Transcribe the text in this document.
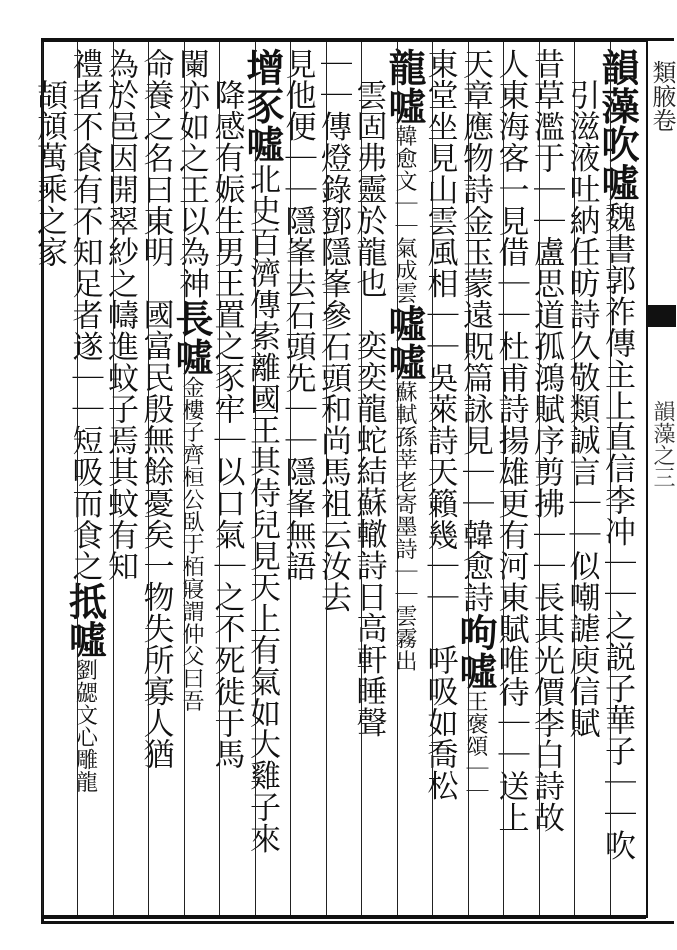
類腋卷
韻藻之三
韻藻吹噓魏書郭祚傳主上直信李冲｜｜之説子華子｜｜吹
　引滋液吐納任昉詩久敬類誠言｜｜似嘲謔庾信賦
昔草濫于｜｜盧思道孤鴻賦序剪拂｜｜長其光價李白詩故
人東海客一見借｜｜杜甫詩揚雄更有河東賦唯待｜｜送上
天章應物詩金玉蒙遠貺篇詠見｜｜韓愈詩呴噓王褒頌｜｜
東堂坐見山雲風相｜｜吳萊詩天籟幾｜｜　呼吸如喬松
龍噓韓愈文｜｜氣成雲噓噓蘇軾孫莘老寄墨詩｜｜雲霧出
　雲固弗靈於龍也　奕奕龍蛇結蘇轍詩日高軒睡聲
｜｜傳燈錄鄧隱峯參石頭和尚馬祖云汝去
見他便｜｜隱峯去石頭先｜｜隱峯無語
增豕噓北史百濟傳索離國王其侍兒見天上有氣如大雞子來
　降感有娠生男王置之豕牢｜以口氣｜之不死徙于馬
闌亦如之王以為神長噓金樓子齊桓公臥于栢寢謂仲父曰吾
命養之名曰東明　國富民殷無餘憂矣一物失所寡人猶
為於邑因開翠紗之幬進蚊子焉其蚊有知
禮者不食有不知足者遂｜｜短吸而食之抵噓劉勰文心雕龍
　頡頏萬乘之家
